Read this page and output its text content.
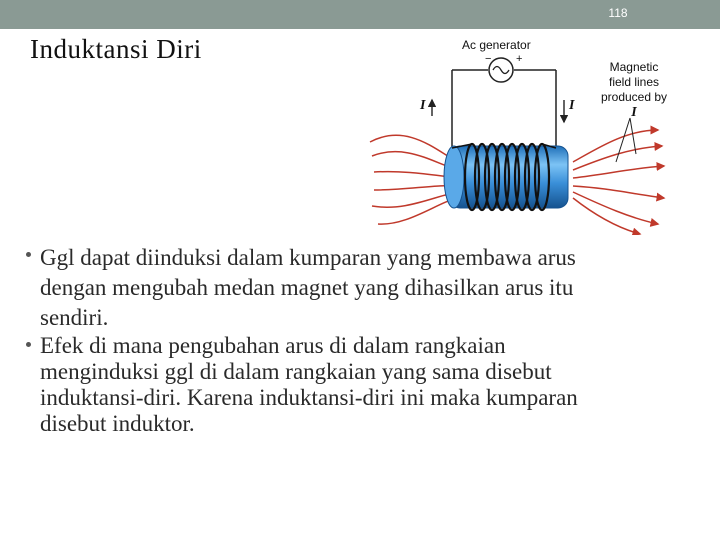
118
Induktansi Diri	Ac generator
− +
I	I
Magnetic
field lines
produced by I
Ggl dapat diinduksi dalam kumparan yang membawa arus
dengan mengubah medan magnet yang dihasilkan arus itu
sendiri.
Efek di mana pengubahan arus di dalam rangkaian
menginduksi ggl di dalam rangkaian yang sama disebut
induktansi-diri. Karena induktansi-diri ini maka kumparan
disebut induktor.
